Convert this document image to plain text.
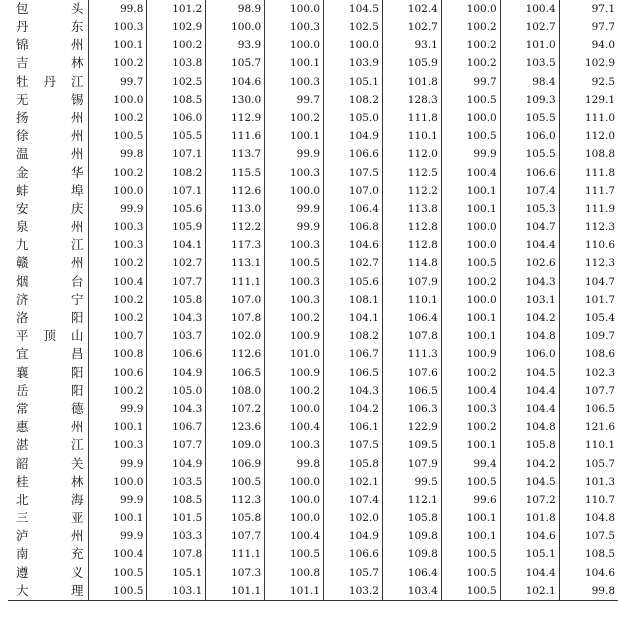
包　头	99.8	101.2	98.9	100.0	104.5	102.4	100.0	100.4	97.1
丹　东	100.3	102.9	100.0	100.3	102.5	102.7	100.2	102.7	97.7
锦　州	100.1	100.2	93.9	100.0	100.0	93.1	100.2	101.0	94.0
吉　林	100.2	103.8	105.7	100.1	103.9	105.9	100.2	103.5	102.9
牡丹江	99.7	102.5	104.6	100.3	105.1	101.8	99.7	98.4	92.5
无　锡	100.0	108.5	130.0	99.7	108.2	128.3	100.5	109.3	129.1
扬　州	100.2	106.0	112.9	100.2	105.0	111.8	100.0	105.5	111.0
徐　州	100.5	105.5	111.6	100.1	104.9	110.1	100.5	106.0	112.0
温　州	99.8	107.1	113.7	99.9	106.6	112.0	99.9	105.5	108.8
金　华	100.2	108.2	115.5	100.3	107.5	112.5	100.4	106.6	111.8
蚌　埠	100.0	107.1	112.6	100.0	107.0	112.2	100.1	107.4	111.7
安　庆	99.9	105.6	113.0	99.9	106.4	113.8	100.1	105.3	111.9
泉　州	100.3	105.9	112.2	99.9	106.8	112.8	100.0	104.7	112.3
九　江	100.3	104.1	117.3	100.3	104.6	112.8	100.0	104.4	110.6
赣　州	100.2	102.7	113.1	100.5	102.7	114.8	100.5	102.6	112.3
烟　台	100.4	107.7	111.1	100.3	105.6	107.9	100.2	104.3	104.7
济　宁	100.2	105.8	107.0	100.3	108.1	110.1	100.0	103.1	101.7
洛　阳	100.2	104.3	107.8	100.2	104.1	106.4	100.1	104.2	105.4
平顶山	100.7	103.7	102.0	100.9	108.2	107.8	100.1	104.8	109.7
宜　昌	100.8	106.6	112.6	101.0	106.7	111.3	100.9	106.0	108.6
襄　阳	100.6	104.9	106.5	100.9	106.5	107.6	100.2	104.5	102.3
岳　阳	100.2	105.0	108.0	100.2	104.3	106.5	100.4	104.4	107.7
常　德	99.9	104.3	107.2	100.0	104.2	106.3	100.3	104.4	106.5
惠　州	100.1	106.7	123.6	100.4	106.1	122.9	100.2	104.8	121.6
湛　江	100.3	107.7	109.0	100.3	107.5	109.5	100.1	105.8	110.1
韶　关	99.9	104.9	106.9	99.8	105.8	107.9	99.4	104.2	105.7
桂　林	100.0	103.5	100.5	100.0	102.1	99.5	100.5	104.5	101.3
北　海	99.9	108.5	112.3	100.0	107.4	112.1	99.6	107.2	110.7
三　亚	100.1	101.5	105.8	100.0	102.0	105.8	100.1	101.8	104.8
泸　州	99.9	103.3	107.7	100.4	104.9	109.8	100.1	104.6	107.5
南　充	100.4	107.8	111.1	100.5	106.6	109.8	100.5	105.1	108.5
遵　义	100.5	105.1	107.3	100.8	105.7	106.4	100.5	104.4	104.6
大　理	100.5	103.1	101.1	101.1	103.2	103.4	100.5	102.1	99.8
